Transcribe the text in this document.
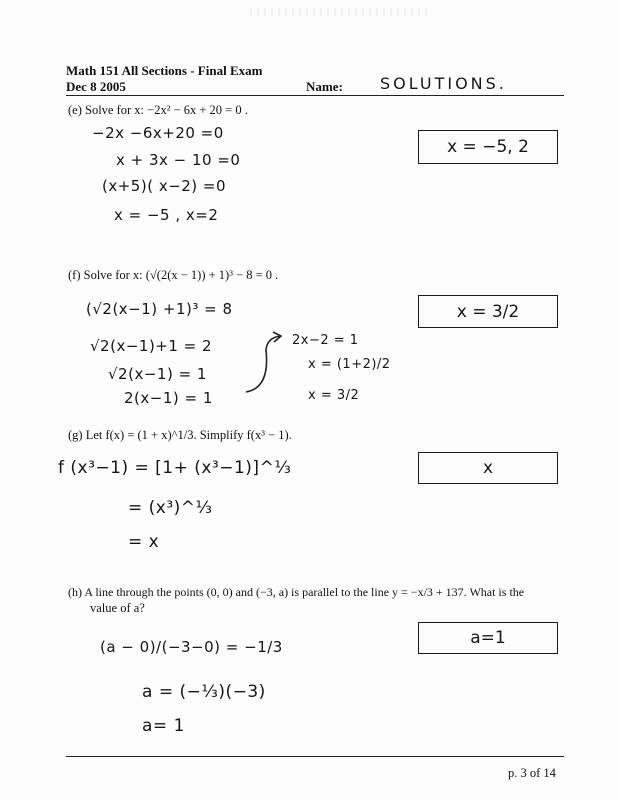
Math 151 All Sections - Final Exam
Dec 8 2005	Name: SOLUTIONS.
(e) Solve for x: −2x² − 6x + 20 = 0 .
−2x −6x+20 =0
x + 3x − 10 =0
(x+5)( x−2) =0
x = −5 , x=2
x = −5, 2
(f) Solve for x: (√(2(x − 1)) + 1)³ − 8 = 0 .
(√2(x−1) +1)³ = 8
√2(x−1)+1 = 2
√2(x−1) = 1
2(x−1) = 1
2x−2 = 1
x = (1+2)/2
x = 3/2
x = 3/2
(g) Let f(x) = (1 + x)^1/3. Simplify f(x³ − 1).
f (x³−1) = [1+ (x³−1)]^⅓
= (x³)^⅓
= x
x
(h) A line through the points (0, 0) and (−3, a) is parallel to the line y = −x/3 + 137. What is the
value of a?
(a − 0)/(−3−0) = −1/3
a = (−⅓)(−3)
a= 1
a=1
p. 3 of 14
